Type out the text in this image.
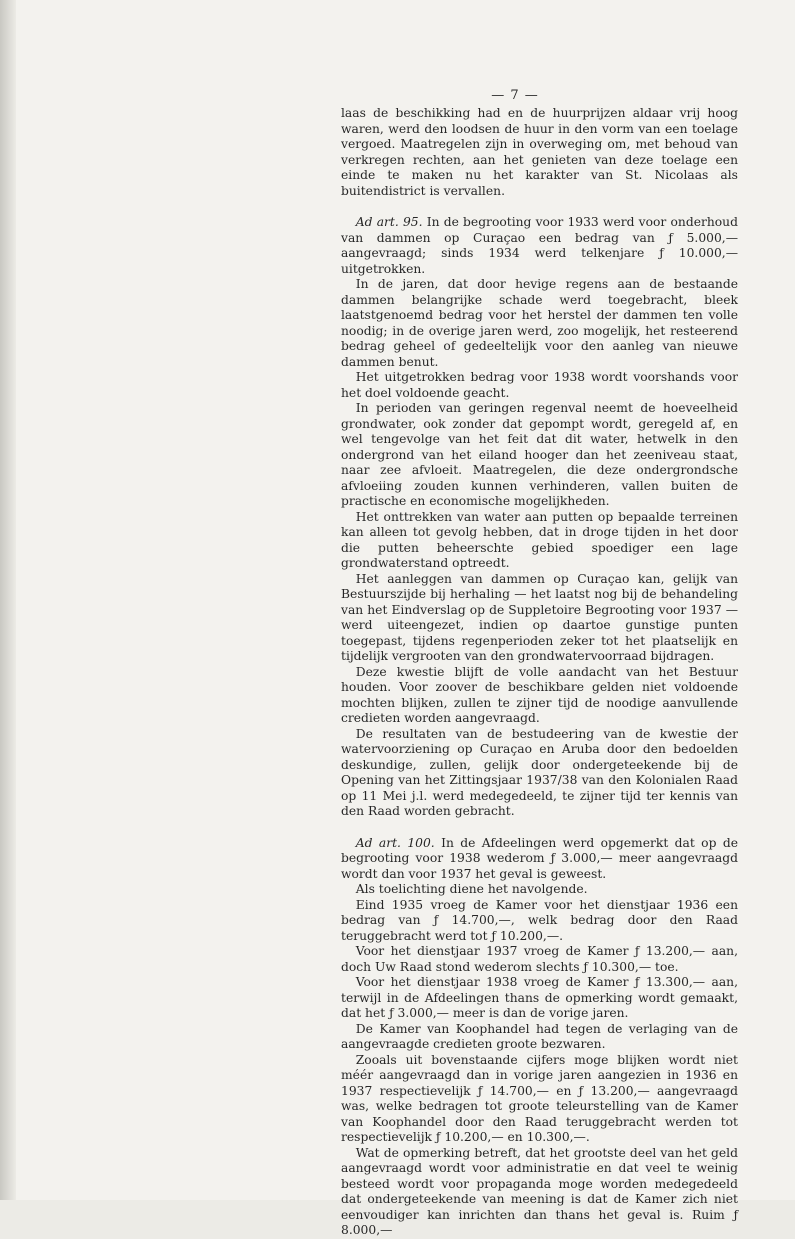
— 7 —

laas de beschikking had en de huurprijzen aldaar vrij hoog waren, werd den loodsen de huur in den vorm van een toelage vergoed. Maatregelen zijn in overweging om, met behoud van verkregen rechten, aan het genieten van deze toelage een einde te maken nu het karakter van St. Nicolaas als buitendistrict is vervallen.

Ad art. 95. In de begrooting voor 1933 werd voor onderhoud van dammen op Curaçao een bedrag van ƒ 5.000,— aangevraagd; sinds 1934 werd telkenjare ƒ 10.000,— uitgetrokken.

In de jaren, dat door hevige regens aan de bestaande dammen belangrijke schade werd toegebracht, bleek laatstgenoemd bedrag voor het herstel der dammen ten volle noodig; in de overige jaren werd, zoo mogelijk, het resteerend bedrag geheel of gedeeltelijk voor den aanleg van nieuwe dammen benut.

Het uitgetrokken bedrag voor 1938 wordt voorshands voor het doel voldoende geacht.

In perioden van geringen regenval neemt de hoeveelheid grondwater, ook zonder dat gepompt wordt, geregeld af, en wel tengevolge van het feit dat dit water, hetwelk in den ondergrond van het eiland hooger dan het zeeniveau staat, naar zee afvloeit. Maatregelen, die deze ondergrondsche afvloeiing zouden kunnen verhinderen, vallen buiten de practische en economische mogelijkheden.

Het onttrekken van water aan putten op bepaalde terreinen kan alleen tot gevolg hebben, dat in droge tijden in het door die putten beheerschte gebied spoediger een lage grondwaterstand optreedt.

Het aanleggen van dammen op Curaçao kan, gelijk van Bestuurszijde bij herhaling — het laatst nog bij de behandeling van het Eindverslag op de Suppletoire Begrooting voor 1937 — werd uiteengezet, indien op daartoe gunstige punten toegepast, tijdens regenperioden zeker tot het plaatselijk en tijdelijk vergrooten van den grondwatervoorraad bijdragen.

Deze kwestie blijft de volle aandacht van het Bestuur houden. Voor zoover de beschikbare gelden niet voldoende mochten blijken, zullen te zijner tijd de noodige aanvullende credieten worden aangevraagd.

De resultaten van de bestudeering van de kwestie der watervoorziening op Curaçao en Aruba door den bedoelden deskundige, zullen, gelijk door ondergeteekende bij de Opening van het Zittingsjaar 1937/38 van den Kolonialen Raad op 11 Mei j.l. werd medegedeeld, te zijner tijd ter kennis van den Raad worden gebracht.

Ad art. 100. In de Afdeelingen werd opgemerkt dat op de begrooting voor 1938 wederom ƒ 3.000,— meer aangevraagd wordt dan voor 1937 het geval is geweest.

Als toelichting diene het navolgende.

Eind 1935 vroeg de Kamer voor het dienstjaar 1936 een bedrag van ƒ 14.700,—, welk bedrag door den Raad teruggebracht werd tot ƒ 10.200,—.

Voor het dienstjaar 1937 vroeg de Kamer ƒ 13.200,— aan, doch Uw Raad stond wederom slechts ƒ 10.300,— toe.

Voor het dienstjaar 1938 vroeg de Kamer ƒ 13.300,— aan, terwijl in de Afdeelingen thans de opmerking wordt gemaakt, dat het ƒ 3.000,— meer is dan de vorige jaren.

De Kamer van Koophandel had tegen de verlaging van de aangevraagde credieten groote bezwaren.

Zooals uit bovenstaande cijfers moge blijken wordt niet méér aangevraagd dan in vorige jaren aangezien in 1936 en 1937 respectievelijk ƒ 14.700,— en ƒ 13.200,— aangevraagd was, welke bedragen tot groote teleurstelling van de Kamer van Koophandel door den Raad teruggebracht werden tot respectievelijk ƒ 10.200,— en 10.300,—.

Wat de opmerking betreft, dat het grootste deel van het geld aangevraagd wordt voor administratie en dat veel te weinig besteed wordt voor propaganda moge worden medegedeeld dat ondergeteekende van meening is dat de Kamer zich niet eenvoudiger kan inrichten dan thans het geval is. Ruim ƒ 8.000,—
